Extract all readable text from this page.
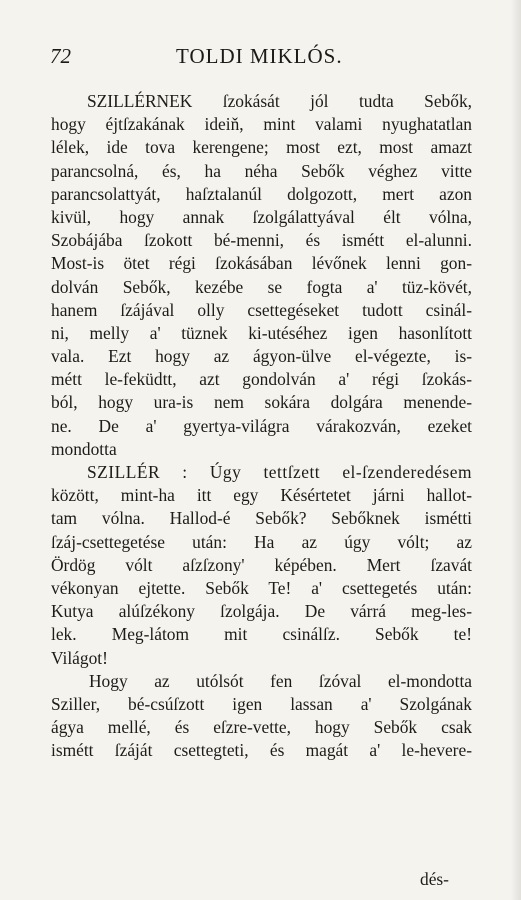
72	TOLDI MIKLÓS.
SZILLÉRNEK ſzokását jól tudta Sebők,
hogy éjtſzakának ideiň, mint valami nyughatatlan
lélek, ide tova kerengene; most ezt, most amazt
parancsolná, és, ha néha Sebők véghez vitte
parancsolattyát, haſztalanúl dolgozott, mert azon
kivül, hogy annak ſzolgálattyával élt vólna,
Szobájába ſzokott bé-menni, és ismétt el-alunni.
Most-is ötet régi ſzokásában lévőnek lenni gon-
dolván Sebők, kezébe se fogta a' tüz-kövét,
hanem ſzájával olly csettegéseket tudott csinál-
ni, melly a' tüznek ki-utéséhez igen hasonlított
vala. Ezt hogy az ágyon-ülve el-végezte, is-
métt le-feküdtt, azt gondolván a' régi ſzokás-
ból, hogy ura-is nem sokára dolgára menende-
ne. De a' gyertya-világra várakozván, ezeket
mondotta
SZILLÉR : Úgy tettſzett el-ſzenderedésem
között, mint-ha itt egy Késértetet járni hallot-
tam vólna. Hallod-é Sebők? Sebőknek ismétti
ſzáj-csettegetése után: Ha az úgy vólt; az
Ördög vólt aſzſzony' képében. Mert ſzavát
vékonyan ejtette. Sebők Te! a' csettegetés után:
Kutya alúſzékony ſzolgája. De várrá meg-les-
lek. Meg-látom mit csinálſz. Sebők te!
Világot!
Hogy az utólsót fen ſzóval el-mondotta
Sziller, bé-csúſzott igen lassan a' Szolgának
ágya mellé, és eſzre-vette, hogy Sebők csak
ismétt ſzáját csettegteti, és magát a' le-hevere-
dés-
